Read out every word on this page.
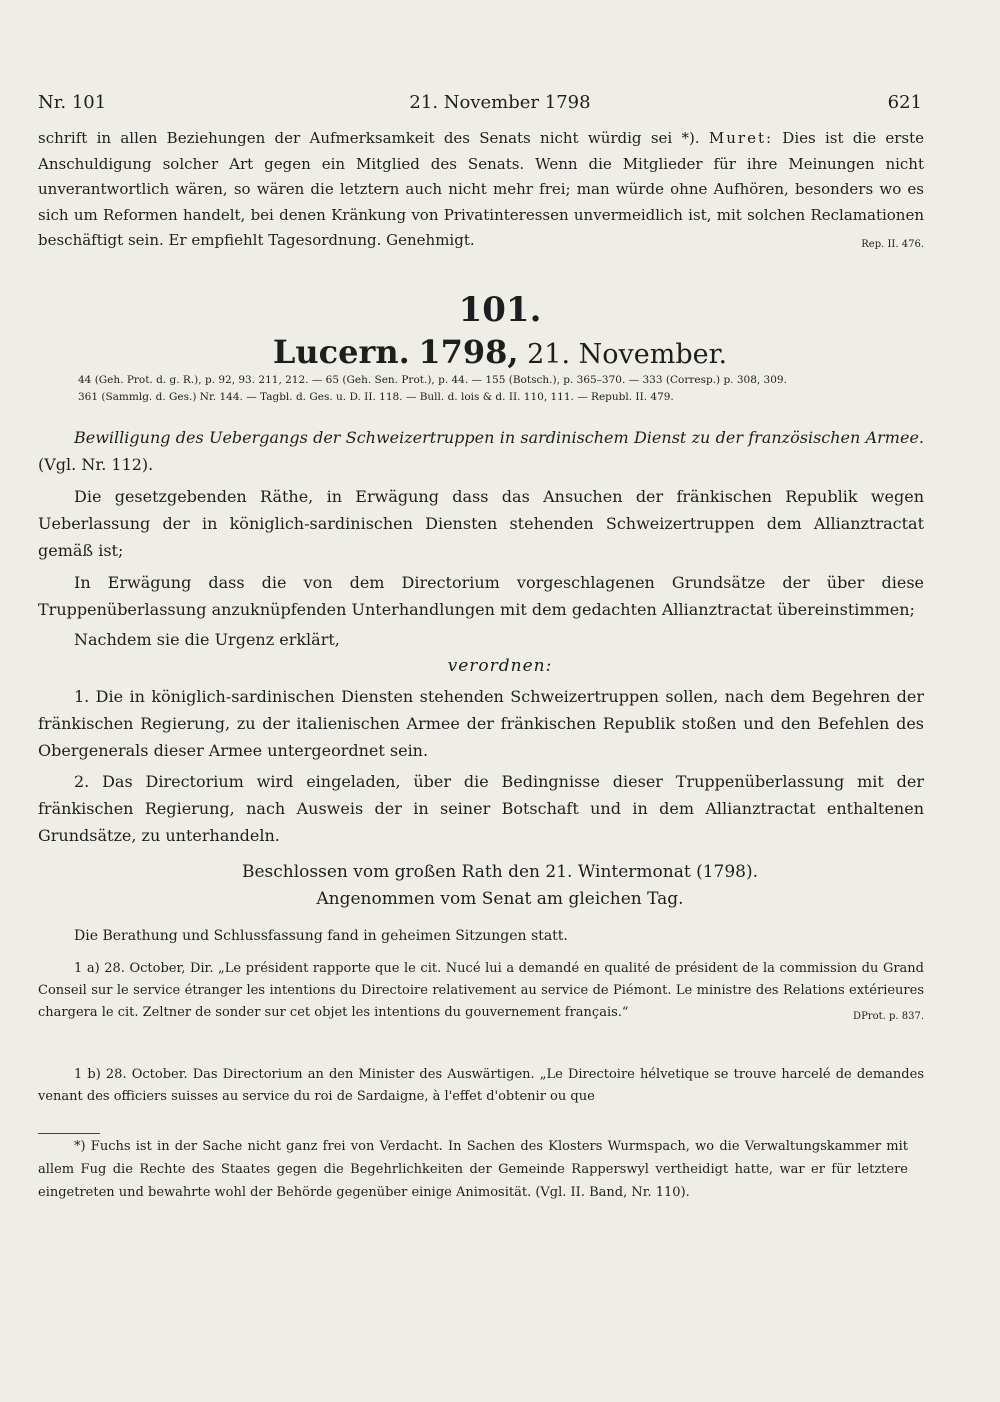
21. November 1798
Nr. 101	621
schrift in allen Beziehungen der Aufmerksamkeit des Senats nicht würdig sei *). Muret: Dies ist die erste Anschuldigung solcher Art gegen ein Mitglied des Senats. Wenn die Mitglieder für ihre Meinungen nicht unverantwortlich wären, so wären die letztern auch nicht mehr frei; man würde ohne Aufhören, besonders wo es sich um Reformen handelt, bei denen Kränkung von Privatinteressen unvermeidlich ist, mit solchen Reclamationen beschäftigt sein. Er empfiehlt Tagesordnung. Genehmigt.	Rep. II. 476.
101.
Lucern. 1798, 21. November.
44 (Geh. Prot. d. g. R.), p. 92, 93. 211, 212. — 65 (Geh. Sen. Prot.), p. 44. — 155 (Botsch.), p. 365–370. — 333 (Corresp.) p. 308, 309.
361 (Sammlg. d. Ges.) Nr. 144. — Tagbl. d. Ges. u. D. II. 118. — Bull. d. lois & d. II. 110, 111. — Republ. II. 479.
Bewilligung des Uebergangs der Schweizertruppen in sardinischem Dienst zu der französischen Armee. (Vgl. Nr. 112).
Die gesetzgebenden Räthe, in Erwägung dass das Ansuchen der fränkischen Republik wegen Ueberlassung der in königlich-sardinischen Diensten stehenden Schweizertruppen dem Allianztractat gemäß ist;
In Erwägung dass die von dem Directorium vorgeschlagenen Grundsätze der über diese Truppenüberlassung anzuknüpfenden Unterhandlungen mit dem gedachten Allianztractat übereinstimmen;
Nachdem sie die Urgenz erklärt,
verordnen:
1. Die in königlich-sardinischen Diensten stehenden Schweizertruppen sollen, nach dem Begehren der fränkischen Regierung, zu der italienischen Armee der fränkischen Republik stoßen und den Befehlen des Obergenerals dieser Armee untergeordnet sein.
2. Das Directorium wird eingeladen, über die Bedingnisse dieser Truppenüberlassung mit der fränkischen Regierung, nach Ausweis der in seiner Botschaft und in dem Allianztractat enthaltenen Grundsätze, zu unterhandeln.
Beschlossen vom großen Rath den 21. Wintermonat (1798).
Angenommen vom Senat am gleichen Tag.
Die Berathung und Schlussfassung fand in geheimen Sitzungen statt.
1 a) 28. October, Dir. „Le président rapporte que le cit. Nucé lui a demandé en qualité de président de la commission du Grand Conseil sur le service étranger les intentions du Directoire relativement au service de Piémont. Le ministre des Relations extérieures chargera le cit. Zeltner de sonder sur cet objet les intentions du gouvernement français.“	DProt. p. 837.
1 b) 28. October. Das Directorium an den Minister des Auswärtigen. „Le Directoire hélvetique se trouve harcelé de demandes venant des officiers suisses au service du roi de Sardaigne, à l'effet d'obtenir ou que
*) Fuchs ist in der Sache nicht ganz frei von Verdacht. In Sachen des Klosters Wurmspach, wo die Verwaltungskammer mit allem Fug die Rechte des Staates gegen die Begehrlichkeiten der Gemeinde Rapperswyl vertheidigt hatte, war er für letztere eingetreten und bewahrte wohl der Behörde gegenüber einige Animosität. (Vgl. II. Band, Nr. 110).
